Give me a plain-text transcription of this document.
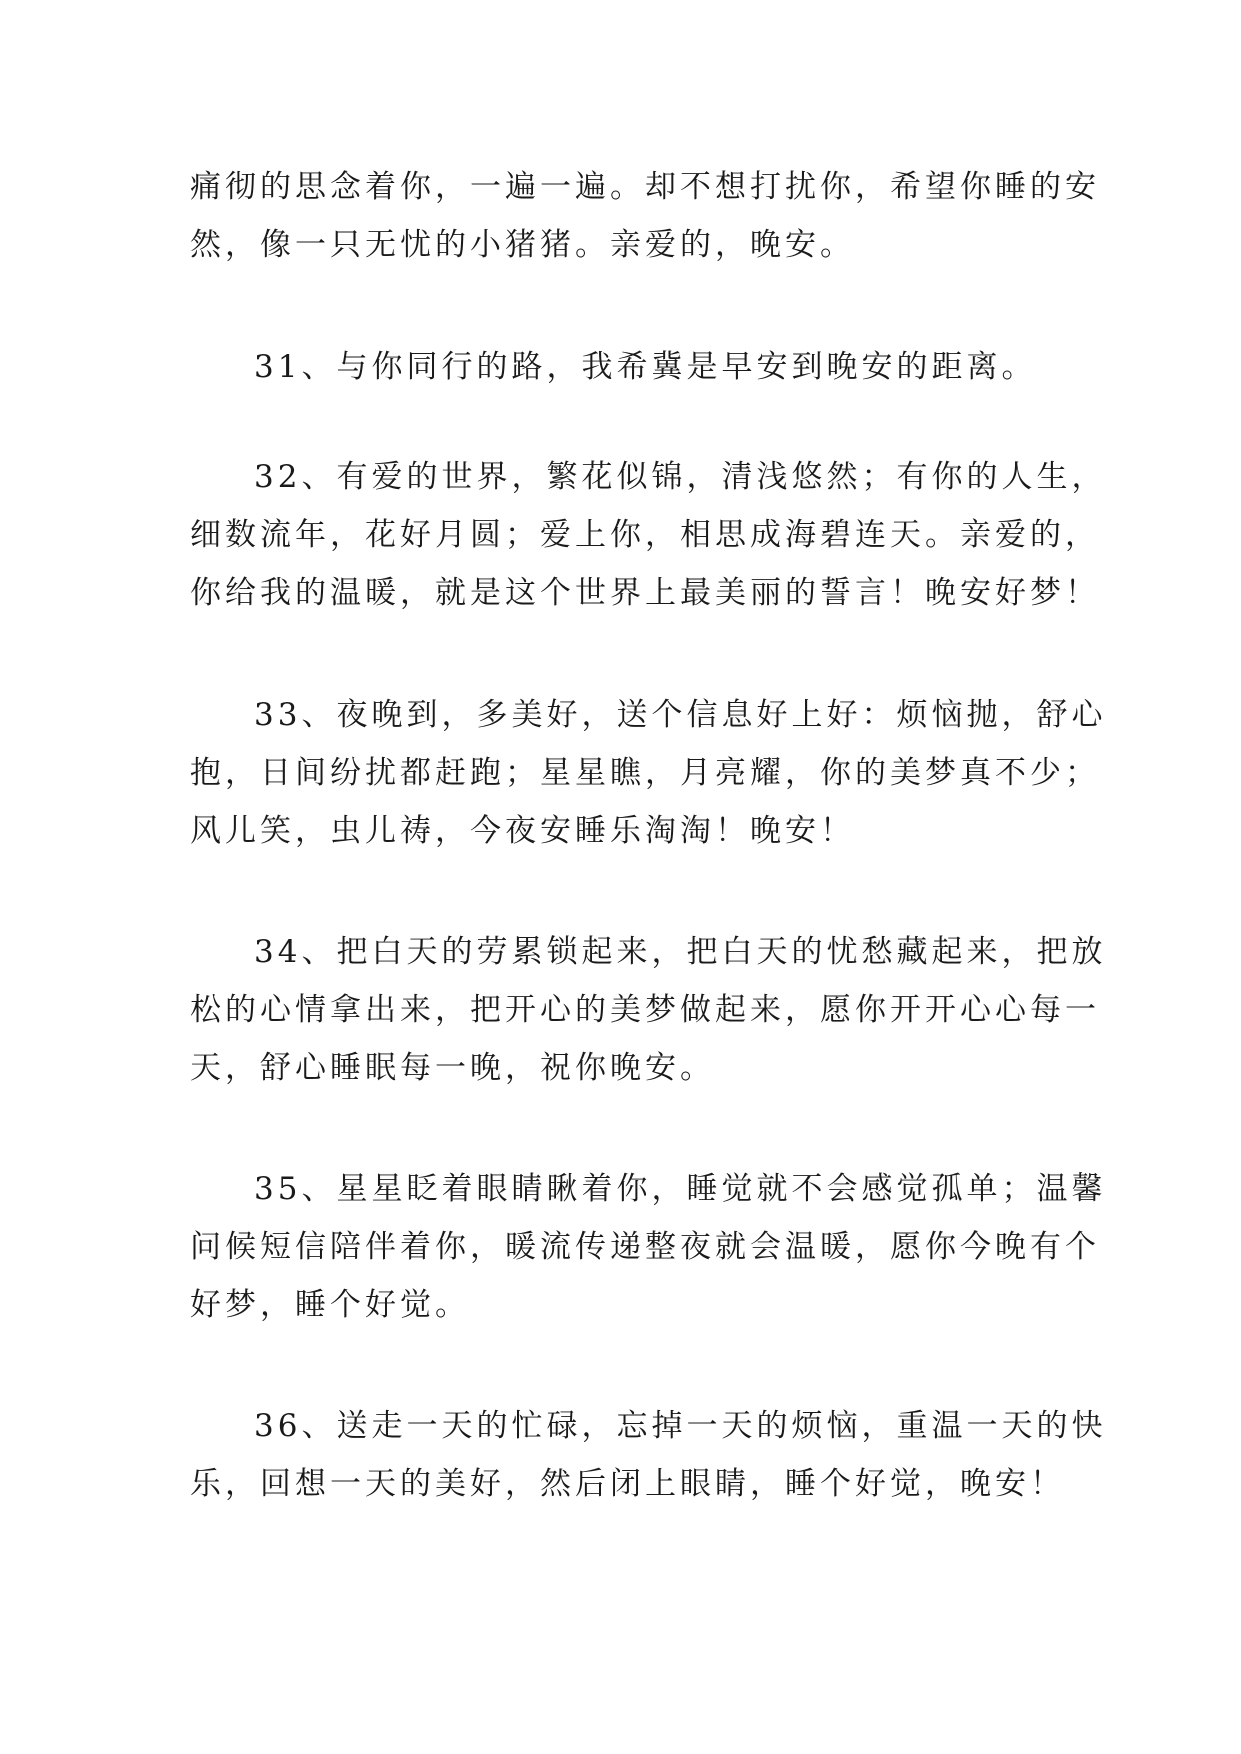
痛彻的思念着你，一遍一遍。却不想打扰你，希望你睡的安
然，像一只无忧的小猪猪。亲爱的，晚安。
31、与你同行的路，我希冀是早安到晚安的距离。
32、有爱的世界，繁花似锦，清浅悠然；有你的人生，
细数流年，花好月圆；爱上你，相思成海碧连天。亲爱的，
你给我的温暖，就是这个世界上最美丽的誓言！晚安好梦！
33、夜晚到，多美好，送个信息好上好：烦恼抛，舒心
抱，日间纷扰都赶跑；星星瞧，月亮耀，你的美梦真不少；
风儿笑，虫儿祷，今夜安睡乐淘淘！晚安！
34、把白天的劳累锁起来，把白天的忧愁藏起来，把放
松的心情拿出来，把开心的美梦做起来，愿你开开心心每一
天，舒心睡眠每一晚，祝你晚安。
35、星星眨着眼睛瞅着你，睡觉就不会感觉孤单；温馨
问候短信陪伴着你，暖流传递整夜就会温暖，愿你今晚有个
好梦，睡个好觉。
36、送走一天的忙碌，忘掉一天的烦恼，重温一天的快
乐，回想一天的美好，然后闭上眼睛，睡个好觉，晚安！
